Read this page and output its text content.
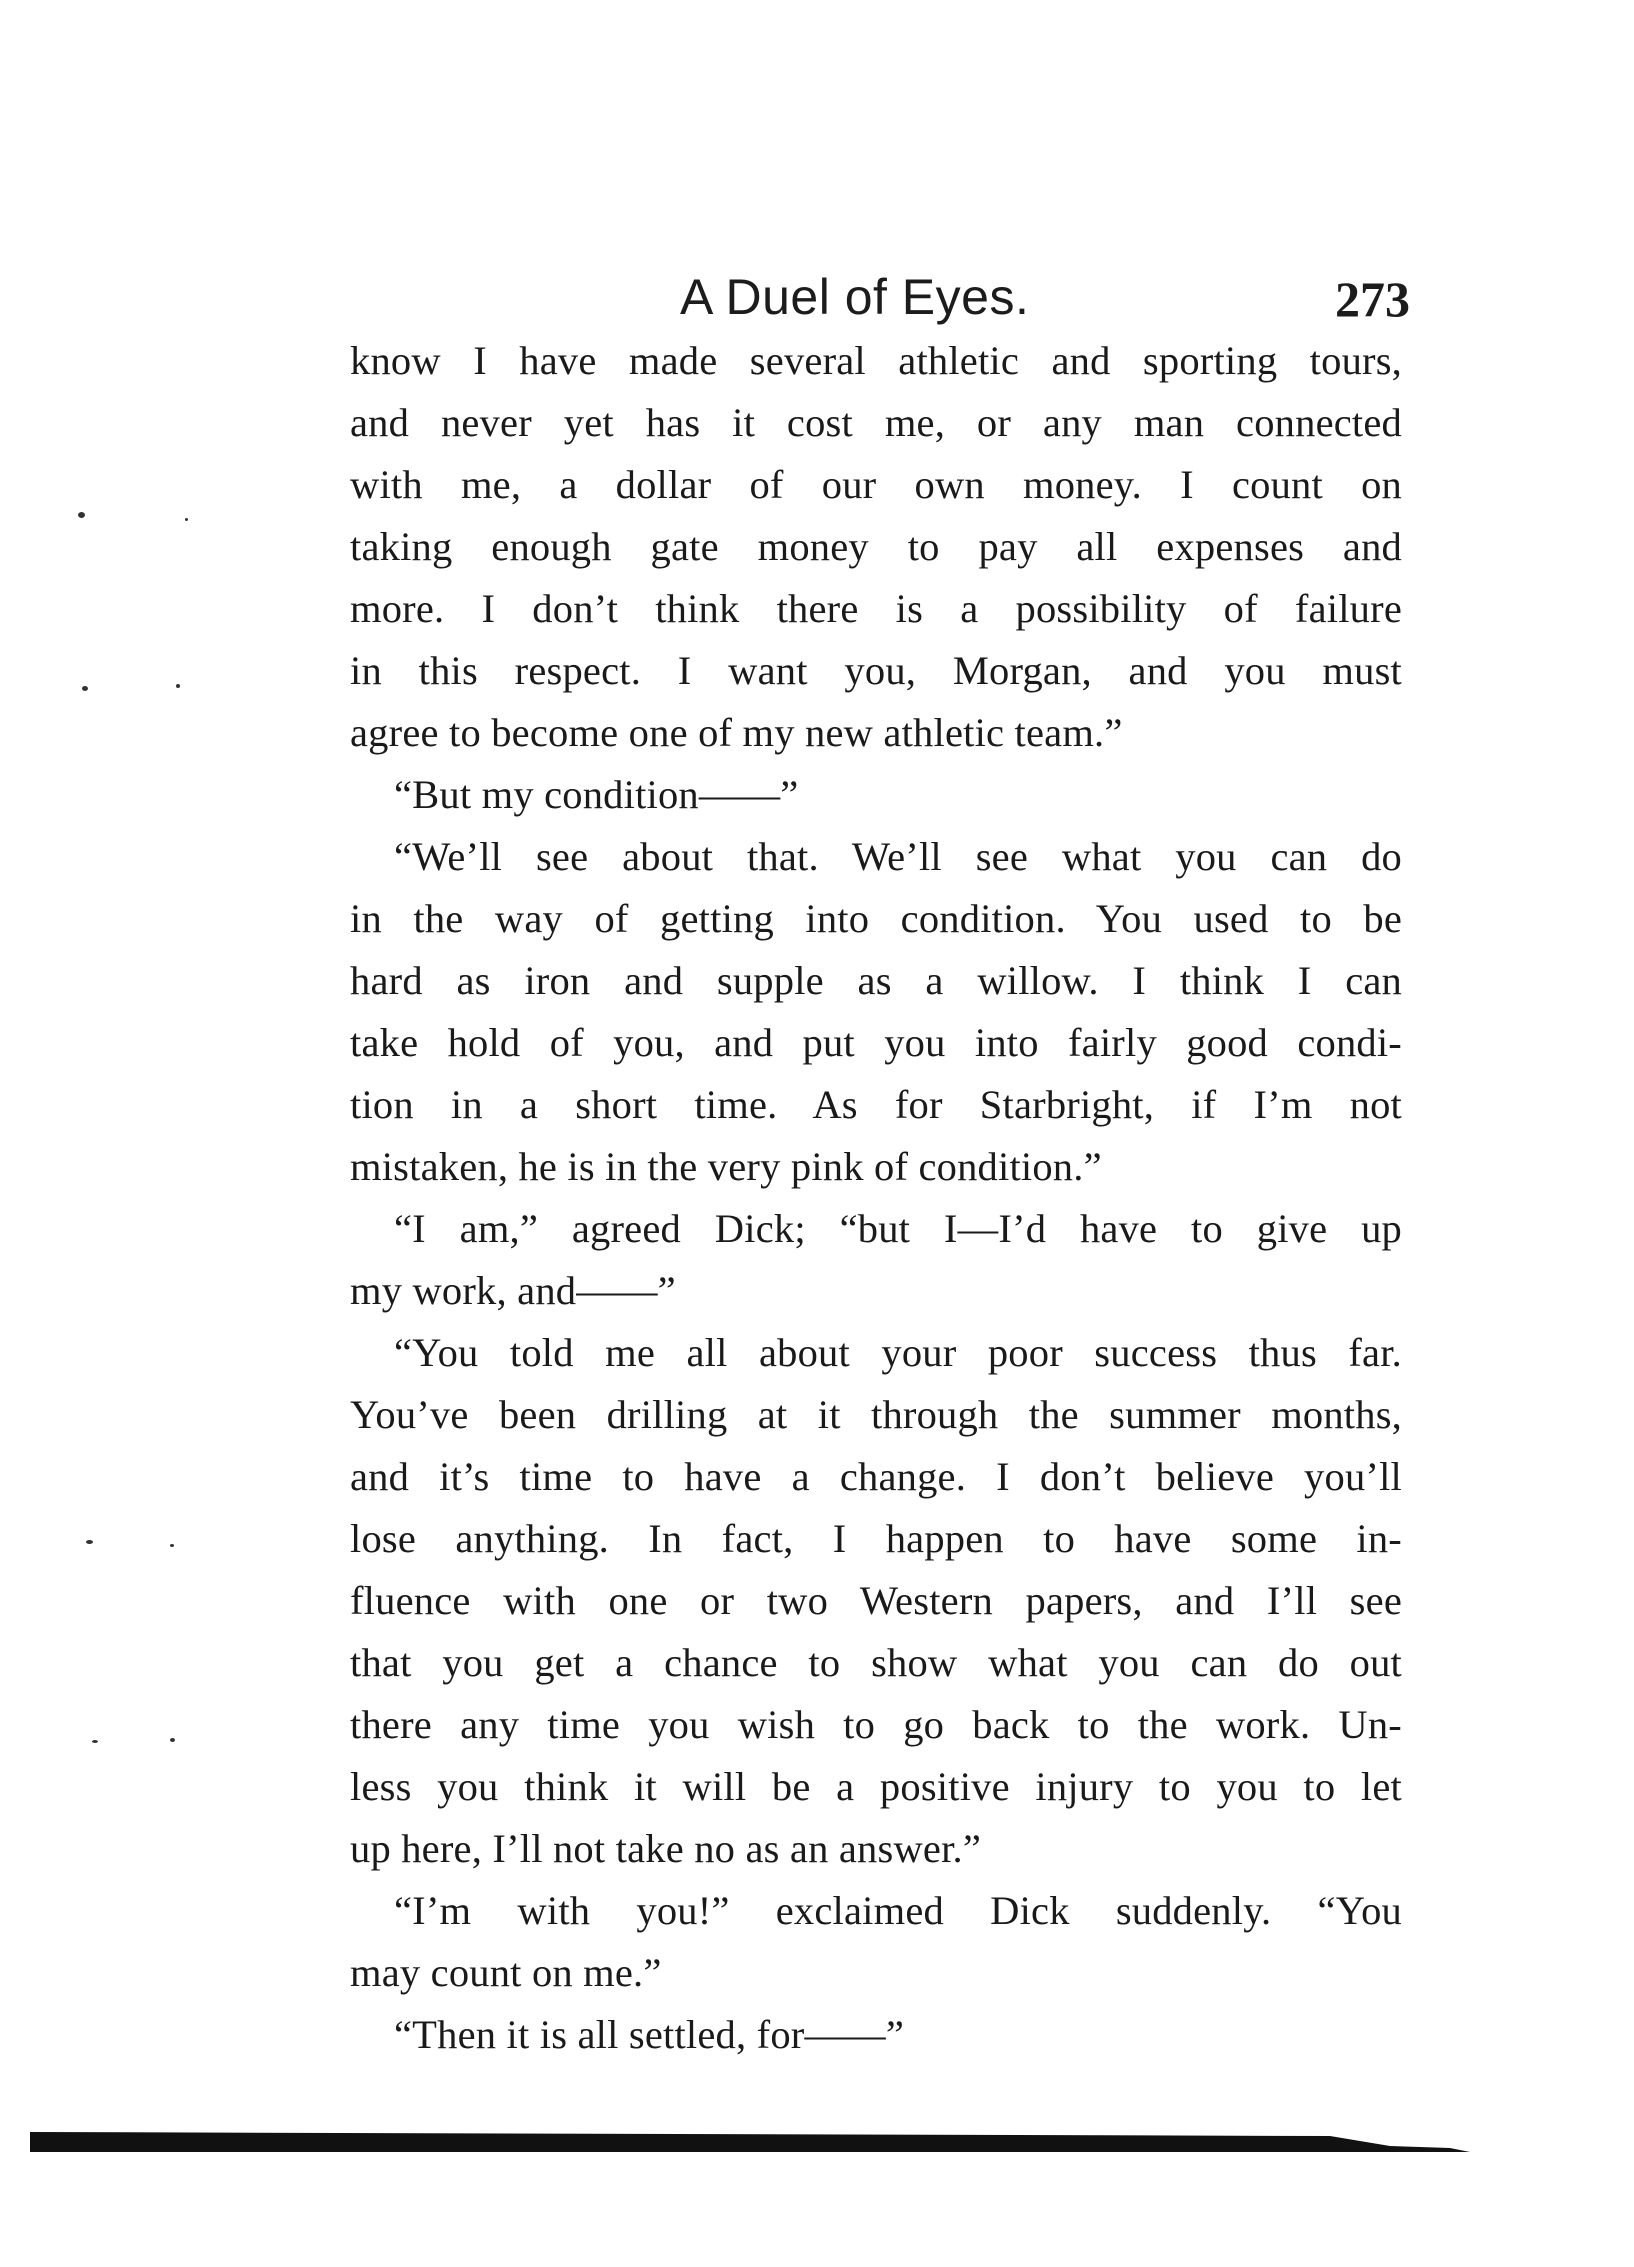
A Duel of Eyes.	273
know I have made several athletic and sporting tours,
and never yet has it cost me, or any man connected
with me, a dollar of our own money. I count on
taking enough gate money to pay all expenses and
more. I don’t think there is a possibility of failure
in this respect. I want you, Morgan, and you must
agree to become one of my new athletic team.”
“But my condition——”
“We’ll see about that. We’ll see what you can do
in the way of getting into condition. You used to be
hard as iron and supple as a willow. I think I can
take hold of you, and put you into fairly good condi-
tion in a short time. As for Starbright, if I’m not
mistaken, he is in the very pink of condition.”
“I am,” agreed Dick; “but I—I’d have to give up
my work, and——”
“You told me all about your poor success thus far.
You’ve been drilling at it through the summer months,
and it’s time to have a change. I don’t believe you’ll
lose anything. In fact, I happen to have some in-
fluence with one or two Western papers, and I’ll see
that you get a chance to show what you can do out
there any time you wish to go back to the work. Un-
less you think it will be a positive injury to you to let
up here, I’ll not take no as an answer.”
“I’m with you!” exclaimed Dick suddenly. “You
may count on me.”
“Then it is all settled, for——”
